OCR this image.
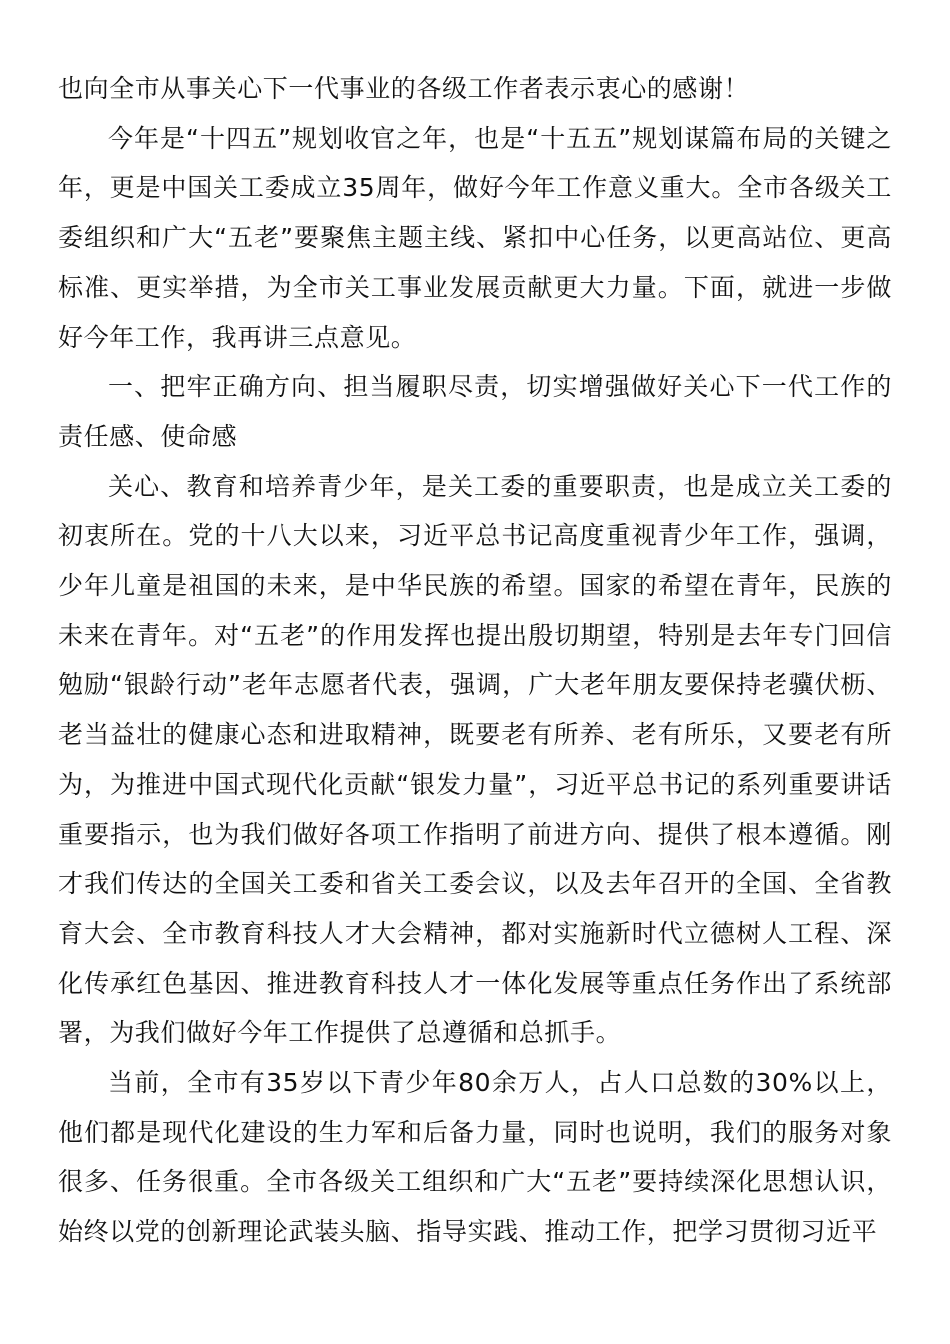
也向全市从事关心下一代事业的各级工作者表示衷心的感谢！

今年是“十四五”规划收官之年，也是“十五五”规划谋篇布局的关键之年，更是中国关工委成立35周年，做好今年工作意义重大。全市各级关工委组织和广大“五老”要聚焦主题主线、紧扣中心任务，以更高站位、更高标准、更实举措，为全市关工事业发展贡献更大力量。下面，就进一步做好今年工作，我再讲三点意见。

一、把牢正确方向、担当履职尽责，切实增强做好关心下一代工作的责任感、使命感

关心、教育和培养青少年，是关工委的重要职责，也是成立关工委的初衷所在。党的十八大以来，习近平总书记高度重视青少年工作，强调，少年儿童是祖国的未来，是中华民族的希望。国家的希望在青年，民族的未来在青年。对“五老”的作用发挥也提出殷切期望，特别是去年专门回信勉励“银龄行动”老年志愿者代表，强调，广大老年朋友要保持老骥伏枥、老当益壮的健康心态和进取精神，既要老有所养、老有所乐，又要老有所为，为推进中国式现代化贡献“银发力量”，习近平总书记的系列重要讲话重要指示，也为我们做好各项工作指明了前进方向、提供了根本遵循。刚才我们传达的全国关工委和省关工委会议，以及去年召开的全国、全省教育大会、全市教育科技人才大会精神，都对实施新时代立德树人工程、深化传承红色基因、推进教育科技人才一体化发展等重点任务作出了系统部署，为我们做好今年工作提供了总遵循和总抓手。

当前，全市有35岁以下青少年80余万人，占人口总数的30%以上，他们都是现代化建设的生力军和后备力量，同时也说明，我们的服务对象很多、任务很重。全市各级关工组织和广大“五老”要持续深化思想认识，始终以党的创新理论武装头脑、指导实践、推动工作，把学习贯彻习近平
